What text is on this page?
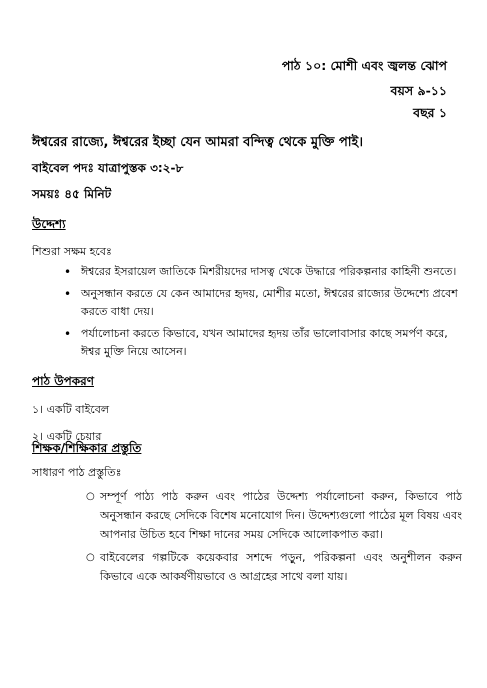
পাঠ ১০: মোশী এবং জ্বলন্ত ঝোপ
বয়স ৯-১১
বছর ১
ঈশ্বরের রাজ্যে, ঈশ্বরের ইচ্ছা যেন আমরা বন্দিত্ব থেকে মুক্তি পাই।
বাইবেল পদঃ যাত্রাপুস্তক ৩:২-৮
সময়ঃ ৪৫ মিনিট
উদ্দেশ্য
শিশুরা সক্ষম হবেঃ
• ঈশ্বরের ইসরায়েল জাতিকে মিশরীয়দের দাসত্ব থেকে উদ্ধারে পরিকল্পনার কাহিনী শুনতে।
• অনুসন্ধান করতে যে কেন আমাদের হৃদয়, মোশীর মতো, ঈশ্বরের রাজ্যের উদ্দেশ্যে প্রবেশ করতে বাধা দেয়।
• পর্যালোচনা করতে কিভাবে, যখন আমাদের হৃদয় তাঁর ভালোবাসার কাছে সমর্পণ করে, ঈশ্বর মুক্তি নিয়ে আসেন।
পাঠ উপকরণ
১। একটি বাইবেল
২। একটি চেয়ার
শিক্ষক/শিক্ষিকার প্রস্তুতি
সাধারণ পাঠ প্রস্তুতিঃ
○ সম্পূর্ণ পাঠ্য পাঠ করুন এবং পাঠের উদ্দেশ্য পর্যালোচনা করুন, কিভাবে পাঠ অনুসন্ধান করছে সেদিকে বিশেষ মনোযোগ দিন। উদ্দেশ্যগুলো পাঠের মূল বিষয় এবং আপনার উচিত হবে শিক্ষা দানের সময় সেদিকে আলোকপাত করা।
○ বাইবেলের গল্পটিকে কয়েকবার সশব্দে পড়ুন, পরিকল্পনা এবং অনুশীলন করুন কিভাবে একে আকর্ষণীয়ভাবে ও আগ্রহের সাথে বলা যায়।
